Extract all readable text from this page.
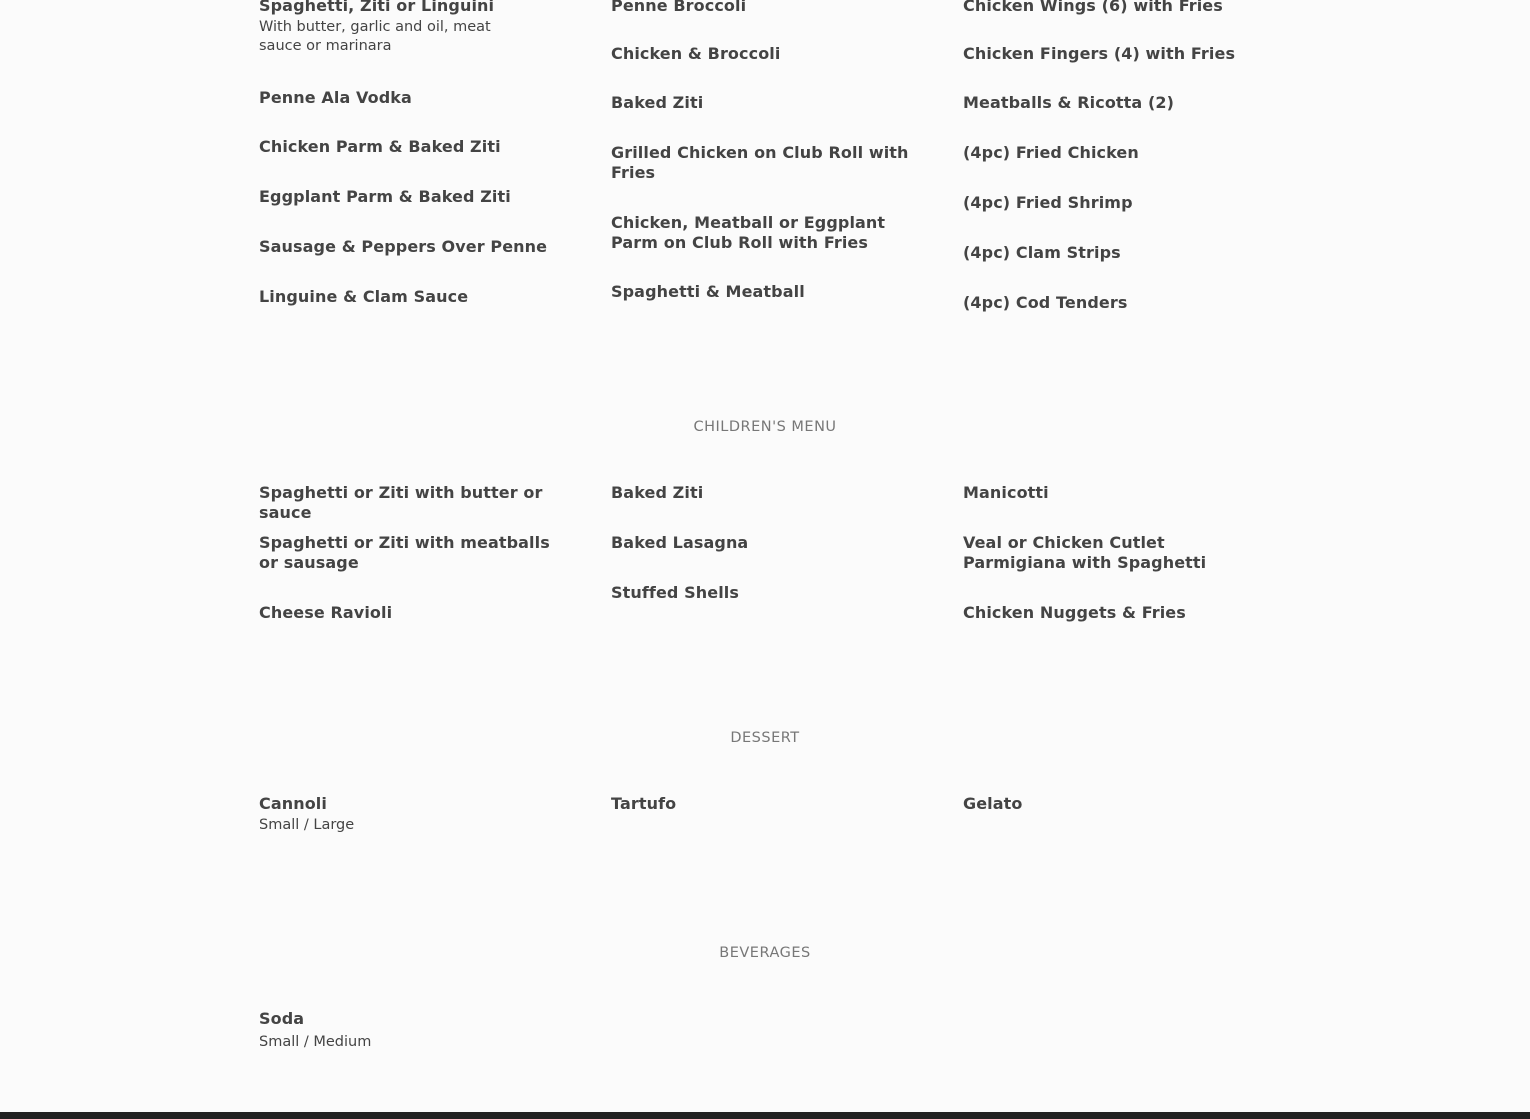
Spaghetti, Ziti or Linguini
With butter, garlic and oil, meat sauce or marinara
Penne Ala Vodka
Chicken Parm & Baked Ziti
Eggplant Parm & Baked Ziti
Sausage & Peppers Over Penne
Linguine & Clam Sauce
Penne Broccoli
Chicken & Broccoli
Baked Ziti
Grilled Chicken on Club Roll with Fries
Chicken, Meatball or Eggplant Parm on Club Roll with Fries
Spaghetti & Meatball
Chicken Wings (6) with Fries
Chicken Fingers (4) with Fries
Meatballs & Ricotta (2)
(4pc) Fried Chicken
(4pc) Fried Shrimp
(4pc) Clam Strips
(4pc) Cod Tenders
CHILDREN'S MENU
Spaghetti or Ziti with butter or sauce
Spaghetti or Ziti with meatballs or sausage
Cheese Ravioli
Baked Ziti
Baked Lasagna
Stuffed Shells
Manicotti
Veal or Chicken Cutlet Parmigiana with Spaghetti
Chicken Nuggets & Fries
DESSERT
Cannoli
Small / Large
Tartufo	Gelato
BEVERAGES
Soda
Small / Medium
